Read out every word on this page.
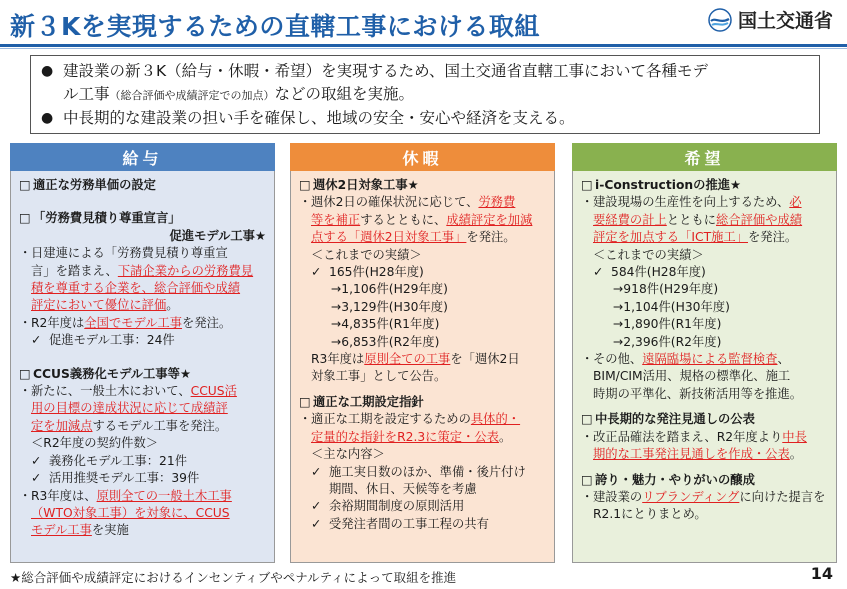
新３Kを実現するための直轄工事における取組	国土交通省
● 建設業の新３K（給与・休暇・希望）を実現するため、国土交通省直轄工事において各種モデ
ル工事（総合評価や成績評定での加点）などの取組を実施。
● 中長期的な建設業の担い手を確保し、地域の安全・安心や経済を支える。
給与
□ 適正な労務単価の設定
□ 「労務費見積り尊重宣言」
促進モデル工事★
・ 日建連による「労務費見積り尊重宣
言」を踏まえ、下請企業からの労務費見
積を尊重する企業を、総合評価や成績
評定において優位に評価。
・ R2年度は全国でモデル工事を発注。
✓ 促進モデル工事：24件
□ CCUS義務化モデル工事等★
・ 新たに、一般土木において、CCUS活
用の目標の達成状況に応じて成績評
定を加減点するモデル工事を発注。
＜R2年度の契約件数＞
✓ 義務化モデル工事：21件
✓ 活用推奨モデル工事：39件
・ R3年度は、原則全ての一般土木工事
（WTO対象工事）を対象に、CCUS
モデル工事を実施
休暇
□ 週休2日対象工事★
・ 週休2日の確保状況に応じて、労務費
等を補正するとともに、成績評定を加減
点する「週休2日対象工事」を発注。
＜これまでの実績＞
✓ 165件(H28年度)
→1,106件(H29年度)
→3,129件(H30年度)
→4,835件(R1年度)
→6,853件(R2年度)
R3年度は原則全ての工事を「週休2日
対象工事」として公告。
□ 適正な工期設定指針
・ 適正な工期を設定するための具体的・
定量的な指針をR2.3に策定・公表。
＜主な内容＞
✓ 施工実日数のほか、準備・後片付け
期間、休日、天候等を考慮
✓ 余裕期間制度の原則活用
✓ 受発注者間の工事工程の共有
希望
□ i-Constructionの推進★
・ 建設現場の生産性を向上するため、必
要経費の計上とともに総合評価や成績
評定を加点する「ICT施工」を発注。
＜これまでの実績＞
✓ 584件(H28年度)
→918件(H29年度)
→1,104件(H30年度)
→1,890件(R1年度)
→2,396件(R2年度)
・ その他、遠隔臨場による監督検査、
BIM/CIM活用、規格の標準化、施工
時期の平準化、新技術活用等を推進。
□ 中長期的な発注見通しの公表
・ 改正品確法を踏まえ、R2年度より中長
期的な工事発注見通しを作成・公表。
□ 誇り・魅力・やりがいの醸成
・ 建設業のリブランディングに向けた提言を
R2.1にとりまとめ。
★総合評価や成績評定におけるインセンティブやペナルティによって取組を推進	14
